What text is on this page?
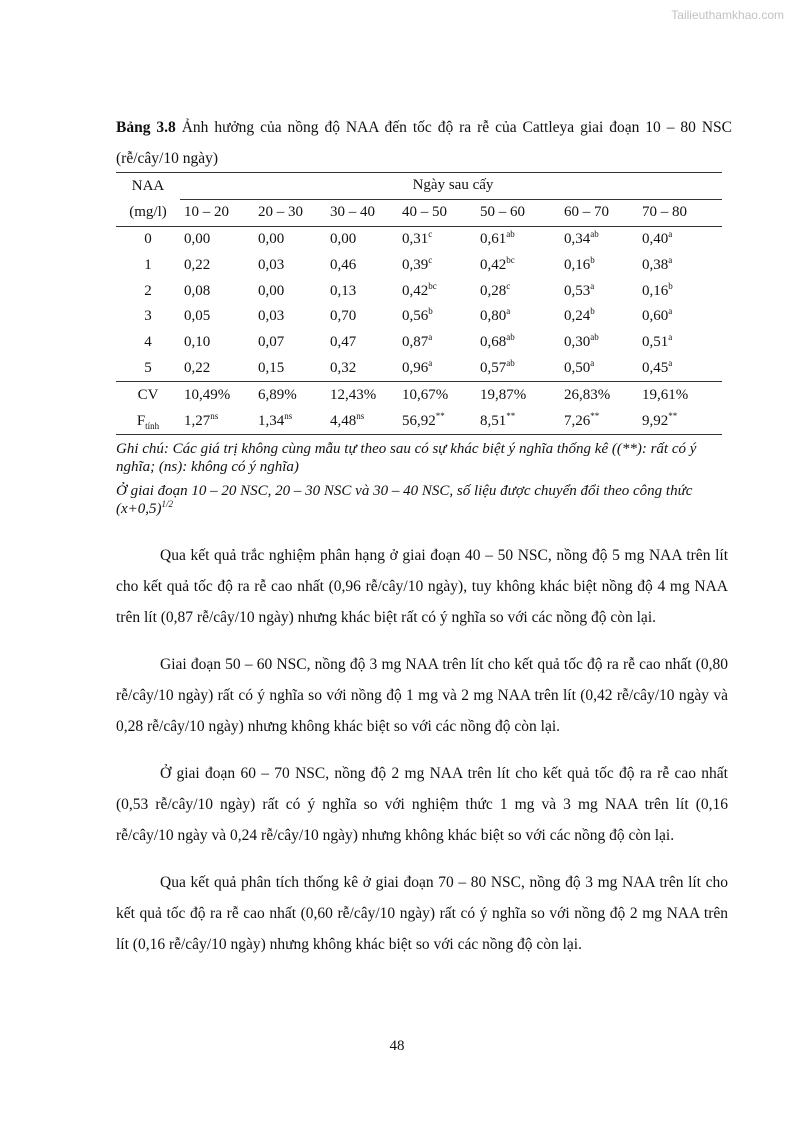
Tailieuthamkhao.com
Bảng 3.8 Ảnh hưởng của nồng độ NAA đến tốc độ ra rễ của Cattleya giai đoạn 10 – 80 NSC (rễ/cây/10 ngày)
NAA	Ngày sau cấy						
(mg/l)	10 – 20	20 – 30	30 – 40	40 – 50	50 – 60	60 – 70	70 – 80
0	0,00	0,00	0,00	0,31$^c$	0,61$^{ab}$	0,34$^{ab}$	0,40$^a$
1	0,22	0,03	0,46	0,39$^c$	0,42$^{bc}$	0,16$^b$	0,38$^a$
2	0,08	0,00	0,13	0,42$^{bc}$	0,28$^c$	0,53$^a$	0,16$^b$
3	0,05	0,03	0,70	0,56$^b$	0,80$^a$	0,24$^b$	0,60$^a$
4	0,10	0,07	0,47	0,87$^a$	0,68$^{ab}$	0,30$^{ab}$	0,51$^a$
5	0,22	0,15	0,32	0,96$^a$	0,57$^{ab}$	0,50$^a$	0,45$^a$
CV	10,49%	6,89%	12,43%	10,67%	19,87%	26,83%	19,61%
$F_{tính}$	$1,27^{ns}$	$1,34^{ns}$	$4,48^{ns}$	56,92**	8,51**	7,26**	9,92**

Ghi chú: Các giá trị không cùng mẫu tự theo sau có sự khác biệt ý nghĩa thống kê ((**): rất có ý nghĩa; (ns): không có ý nghĩa)

Ở giai đoạn 10 – 20 NSC, 20 – 30 NSC và 30 – 40 NSC, số liệu được chuyển đổi theo công thức $(x+0,5)^{1/2}$

Qua kết quả trắc nghiệm phân hạng ở giai đoạn 40 – 50 NSC, nồng độ 5 mg NAA trên lít cho kết quả tốc độ ra rễ cao nhất (0,96 rễ/cây/10 ngày), tuy không khác biệt nồng độ 4 mg NAA trên lít (0,87 rễ/cây/10 ngày) nhưng khác biệt rất có ý nghĩa so với các nồng độ còn lại.

Giai đoạn 50 – 60 NSC, nồng độ 3 mg NAA trên lít cho kết quả tốc độ ra rễ cao nhất (0,80 rễ/cây/10 ngày) rất có ý nghĩa so với nồng độ 1 mg và 2 mg NAA trên lít (0,42 rễ/cây/10 ngày và 0,28 rễ/cây/10 ngày) nhưng không khác biệt so với các nồng độ còn lại.

Ở giai đoạn 60 – 70 NSC, nồng độ 2 mg NAA trên lít cho kết quả tốc độ ra rễ cao nhất (0,53 rễ/cây/10 ngày) rất có ý nghĩa so với nghiệm thức 1 mg và 3 mg NAA trên lít (0,16 rễ/cây/10 ngày và 0,24 rễ/cây/10 ngày) nhưng không khác biệt so với các nồng độ còn lại.

Qua kết quả phân tích thống kê ở giai đoạn 70 – 80 NSC, nồng độ 3 mg NAA trên lít cho kết quả tốc độ ra rễ cao nhất (0,60 rễ/cây/10 ngày) rất có ý nghĩa so với nồng độ 2 mg NAA trên lít (0,16 rễ/cây/10 ngày) nhưng không khác biệt so với các nồng độ còn lại.

48
